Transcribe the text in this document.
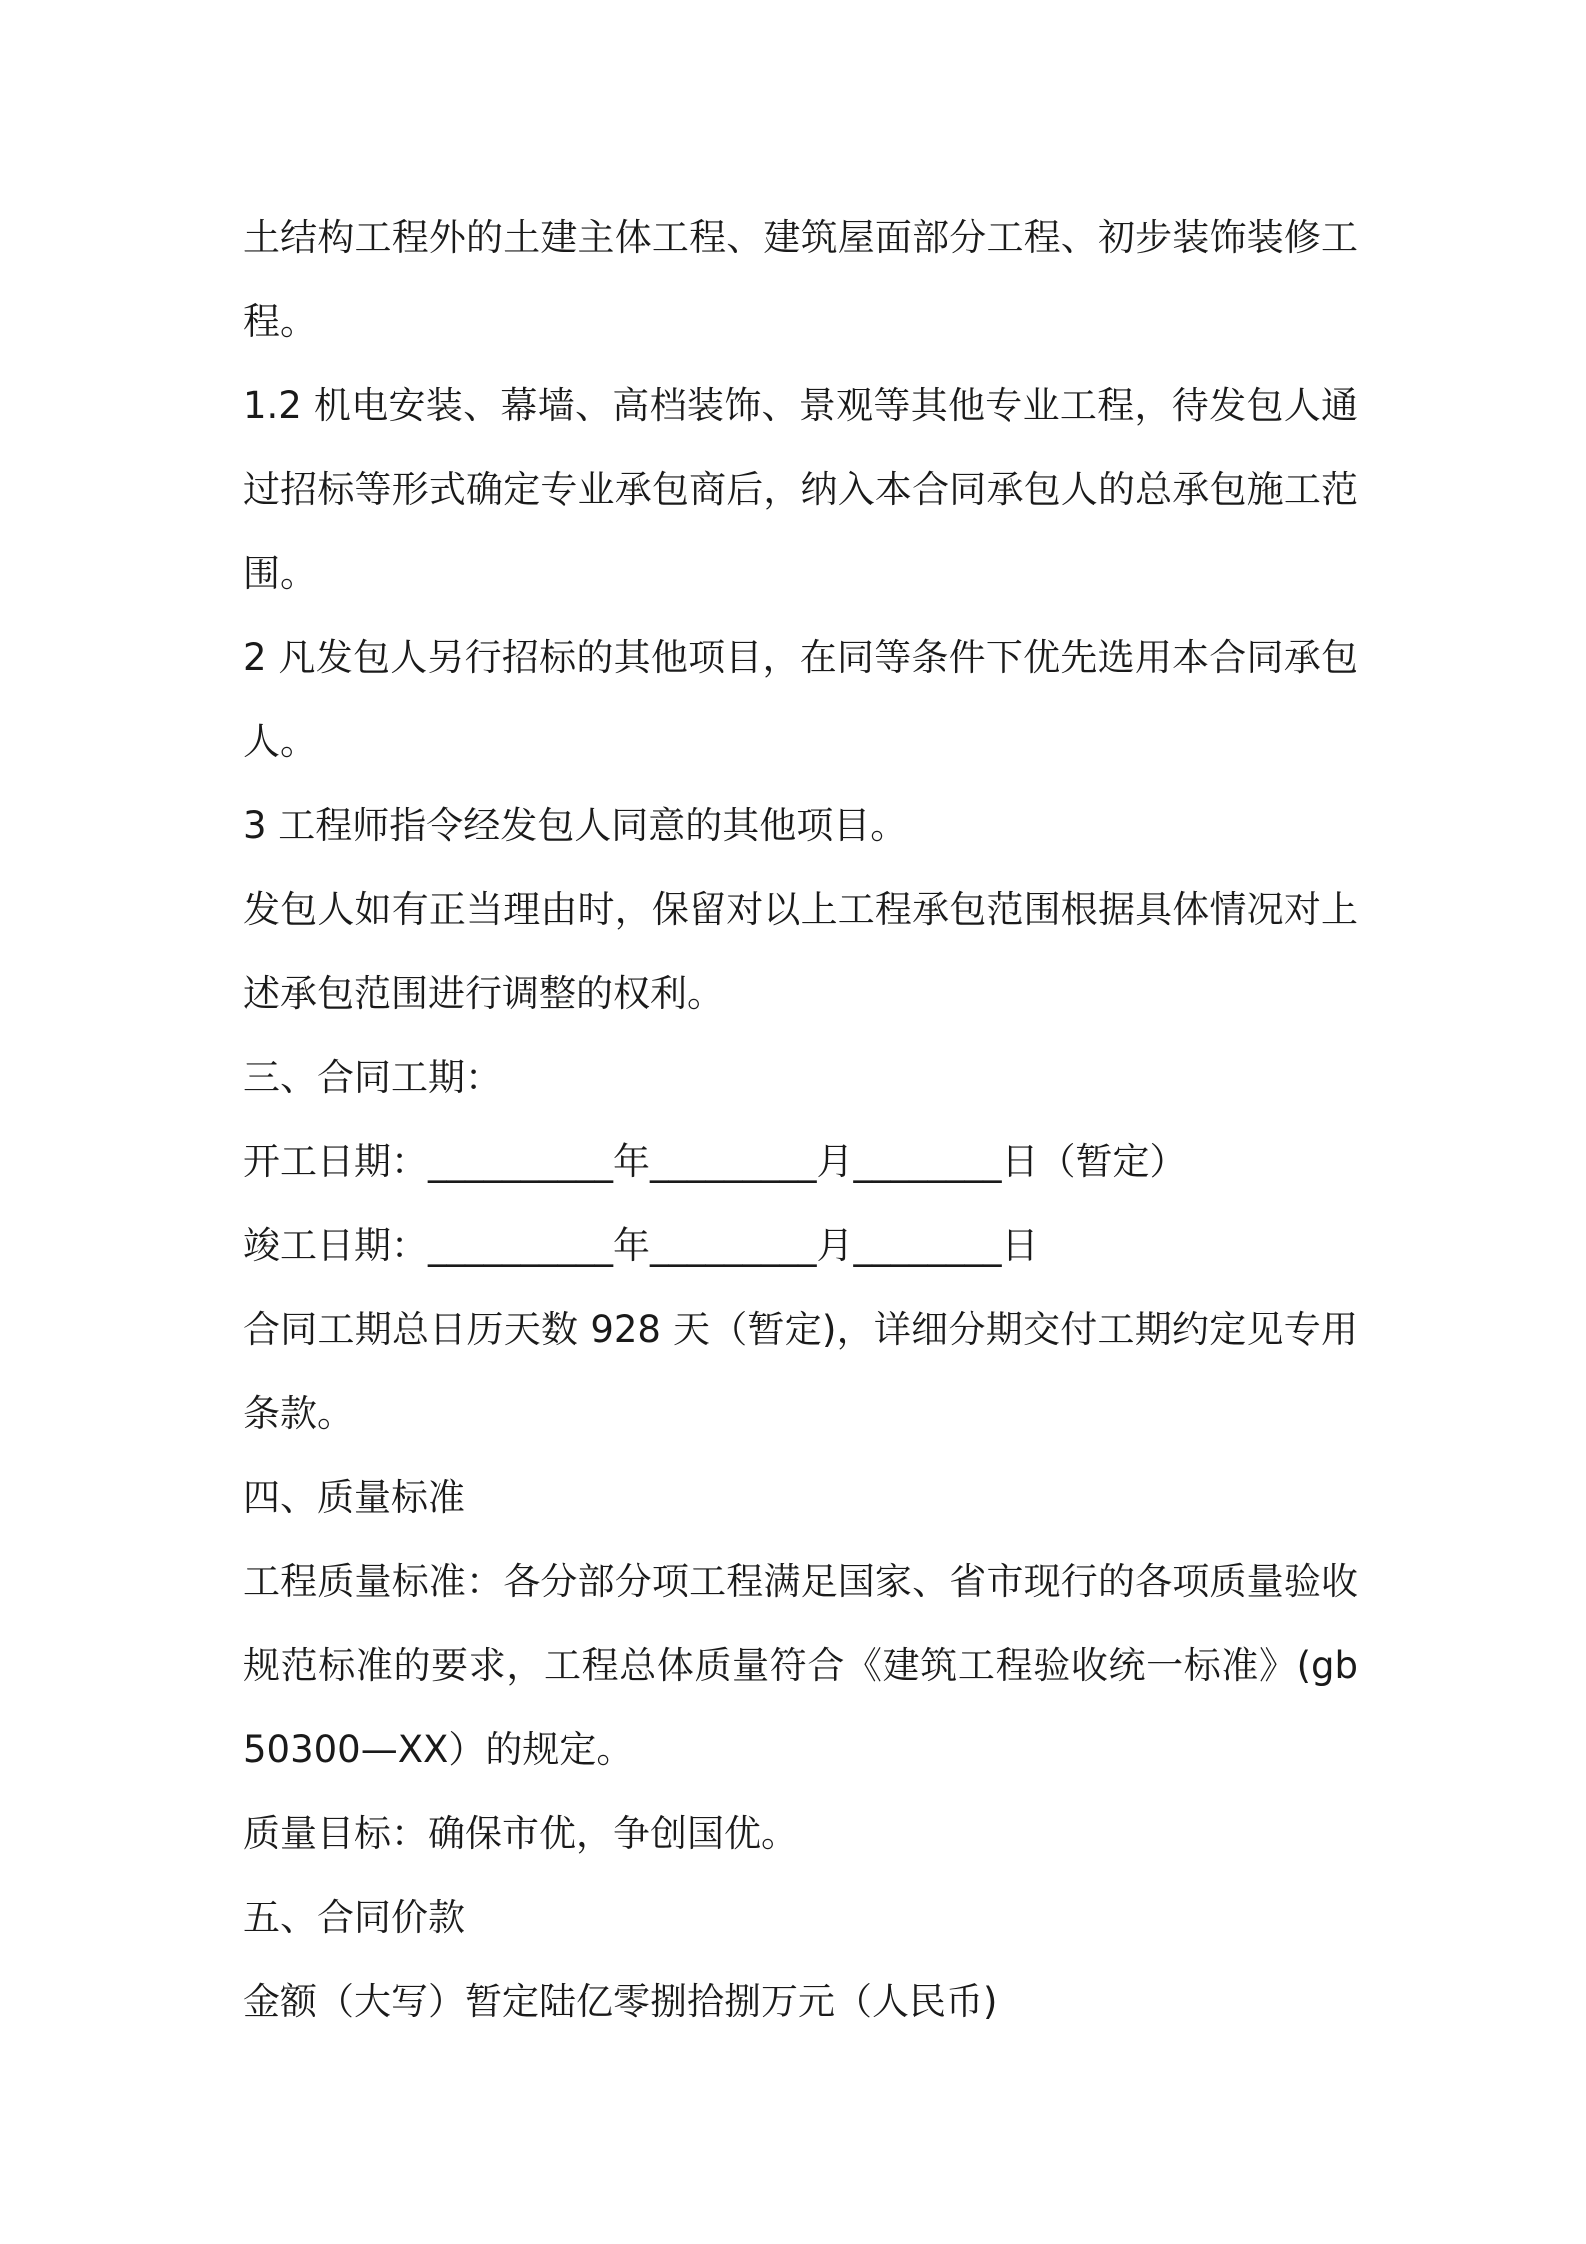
土结构工程外的土建主体工程、建筑屋面部分工程、初步装饰装修工程。

1.2 机电安装、幕墙、高档装饰、景观等其他专业工程，待发包人通过招标等形式确定专业承包商后，纳入本合同承包人的总承包施工范围。

2 凡发包人另行招标的其他项目，在同等条件下优先选用本合同承包人。

3 工程师指令经发包人同意的其他项目。

发包人如有正当理由时，保留对以上工程承包范围根据具体情况对上述承包范围进行调整的权利。

三、合同工期：

开工日期：__________年_________月________日（暂定）

竣工日期：__________年_________月________日

合同工期总日历天数 928 天（暂定)，详细分期交付工期约定见专用条款。

四、质量标准

工程质量标准：各分部分项工程满足国家、省市现行的各项质量验收规范标准的要求，工程总体质量符合《建筑工程验收统一标准》(gb 50300—XX）的规定。

质量目标：确保市优，争创国优。

五、合同价款

金额（大写）暂定陆亿零捌拾捌万元（人民币)
